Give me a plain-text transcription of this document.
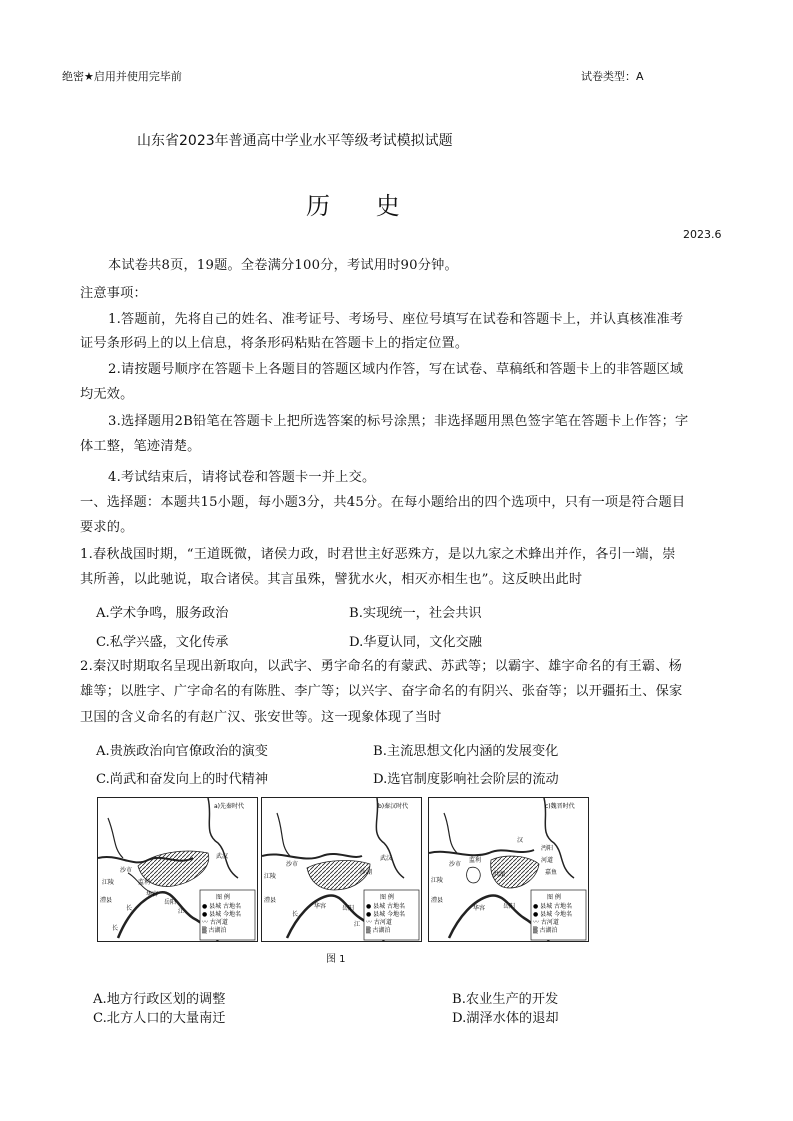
绝密★启用并使用完毕前	试卷类型：A
山东省2023年普通高中学业水平等级考试模拟试题
历      史
2023.6
本试卷共8页，19题。全卷满分100分，考试用时90分钟。
注意事项：
1.答题前，先将自己的姓名、准考证号、考场号、座位号填写在试卷和答题卡上，并认真核准准考
证号条形码上的以上信息，将条形码粘贴在答题卡上的指定位置。
2.请按题号顺序在答题卡上各题目的答题区域内作答，写在试卷、草稿纸和答题卡上的非答题区域
均无效。
3.选择题用2B铅笔在答题卡上把所选答案的标号涂黑；非选择题用黑色签字笔在答题卡上作答；字
体工整，笔迹清楚。
4.考试结束后，请将试卷和答题卡一并上交。
一、选择题：本题共15小题，每小题3分，共45分。在每小题给出的四个选项中，只有一项是符合题目
要求的。
1.春秋战国时期，“王道既微，诸侯力政，时君世主好恶殊方，是以九家之术蜂出并作，各引一端，崇
其所善，以此驰说，取合诸侯。其言虽殊，譬犹水火，相灭亦相生也”。这反映出此时
A.学术争鸣，服务政治	B.实现统一，社会共识
C.私学兴盛，文化传承	D.华夏认同，文化交融
2.秦汉时期取名呈现出新取向，以武字、勇字命名的有蒙武、苏武等；以霸字、雄字命名的有王霸、杨
雄等；以胜字、广字命名的有陈胜、李广等；以兴字、奋字命名的有阴兴、张奋等；以开疆拓土、保家
卫国的含义命名的有赵广汉、张安世等。这一现象体现了当时
A.贵族政治向官僚政治的演变	B.主流思想文化内涵的发展变化
C.尚武和奋发向上的时代精神	D.选官制度影响社会阶层的流动
图 例
● 县城 古地名
● 县城 今地名
〰 古河道
▒ 古湖泊
a)先秦时代
武汉
江陵
沙市
监利
长	江
岳阳
华容
澧县
长
图 例
● 县城 古地名
● 县城 今地名
〰 古河道
▒ 古湖泊
b)秦汉时代
武汉
沙市
江陵
沙湖
澧县
华容	岳阳
长
江
图 例
● 县城 古地名
● 县城 今地名
〰 古河道
▒ 古湖泊
c)魏晋时代
沔阳
汉
沙市
江陵
监利
华容	岳阳
澧县
洪湖
河道
嘉鱼
图 1
A.地方行政区划的调整	B.农业生产的开发
C.北方人口的大量南迁	D.湖泽水体的退却
